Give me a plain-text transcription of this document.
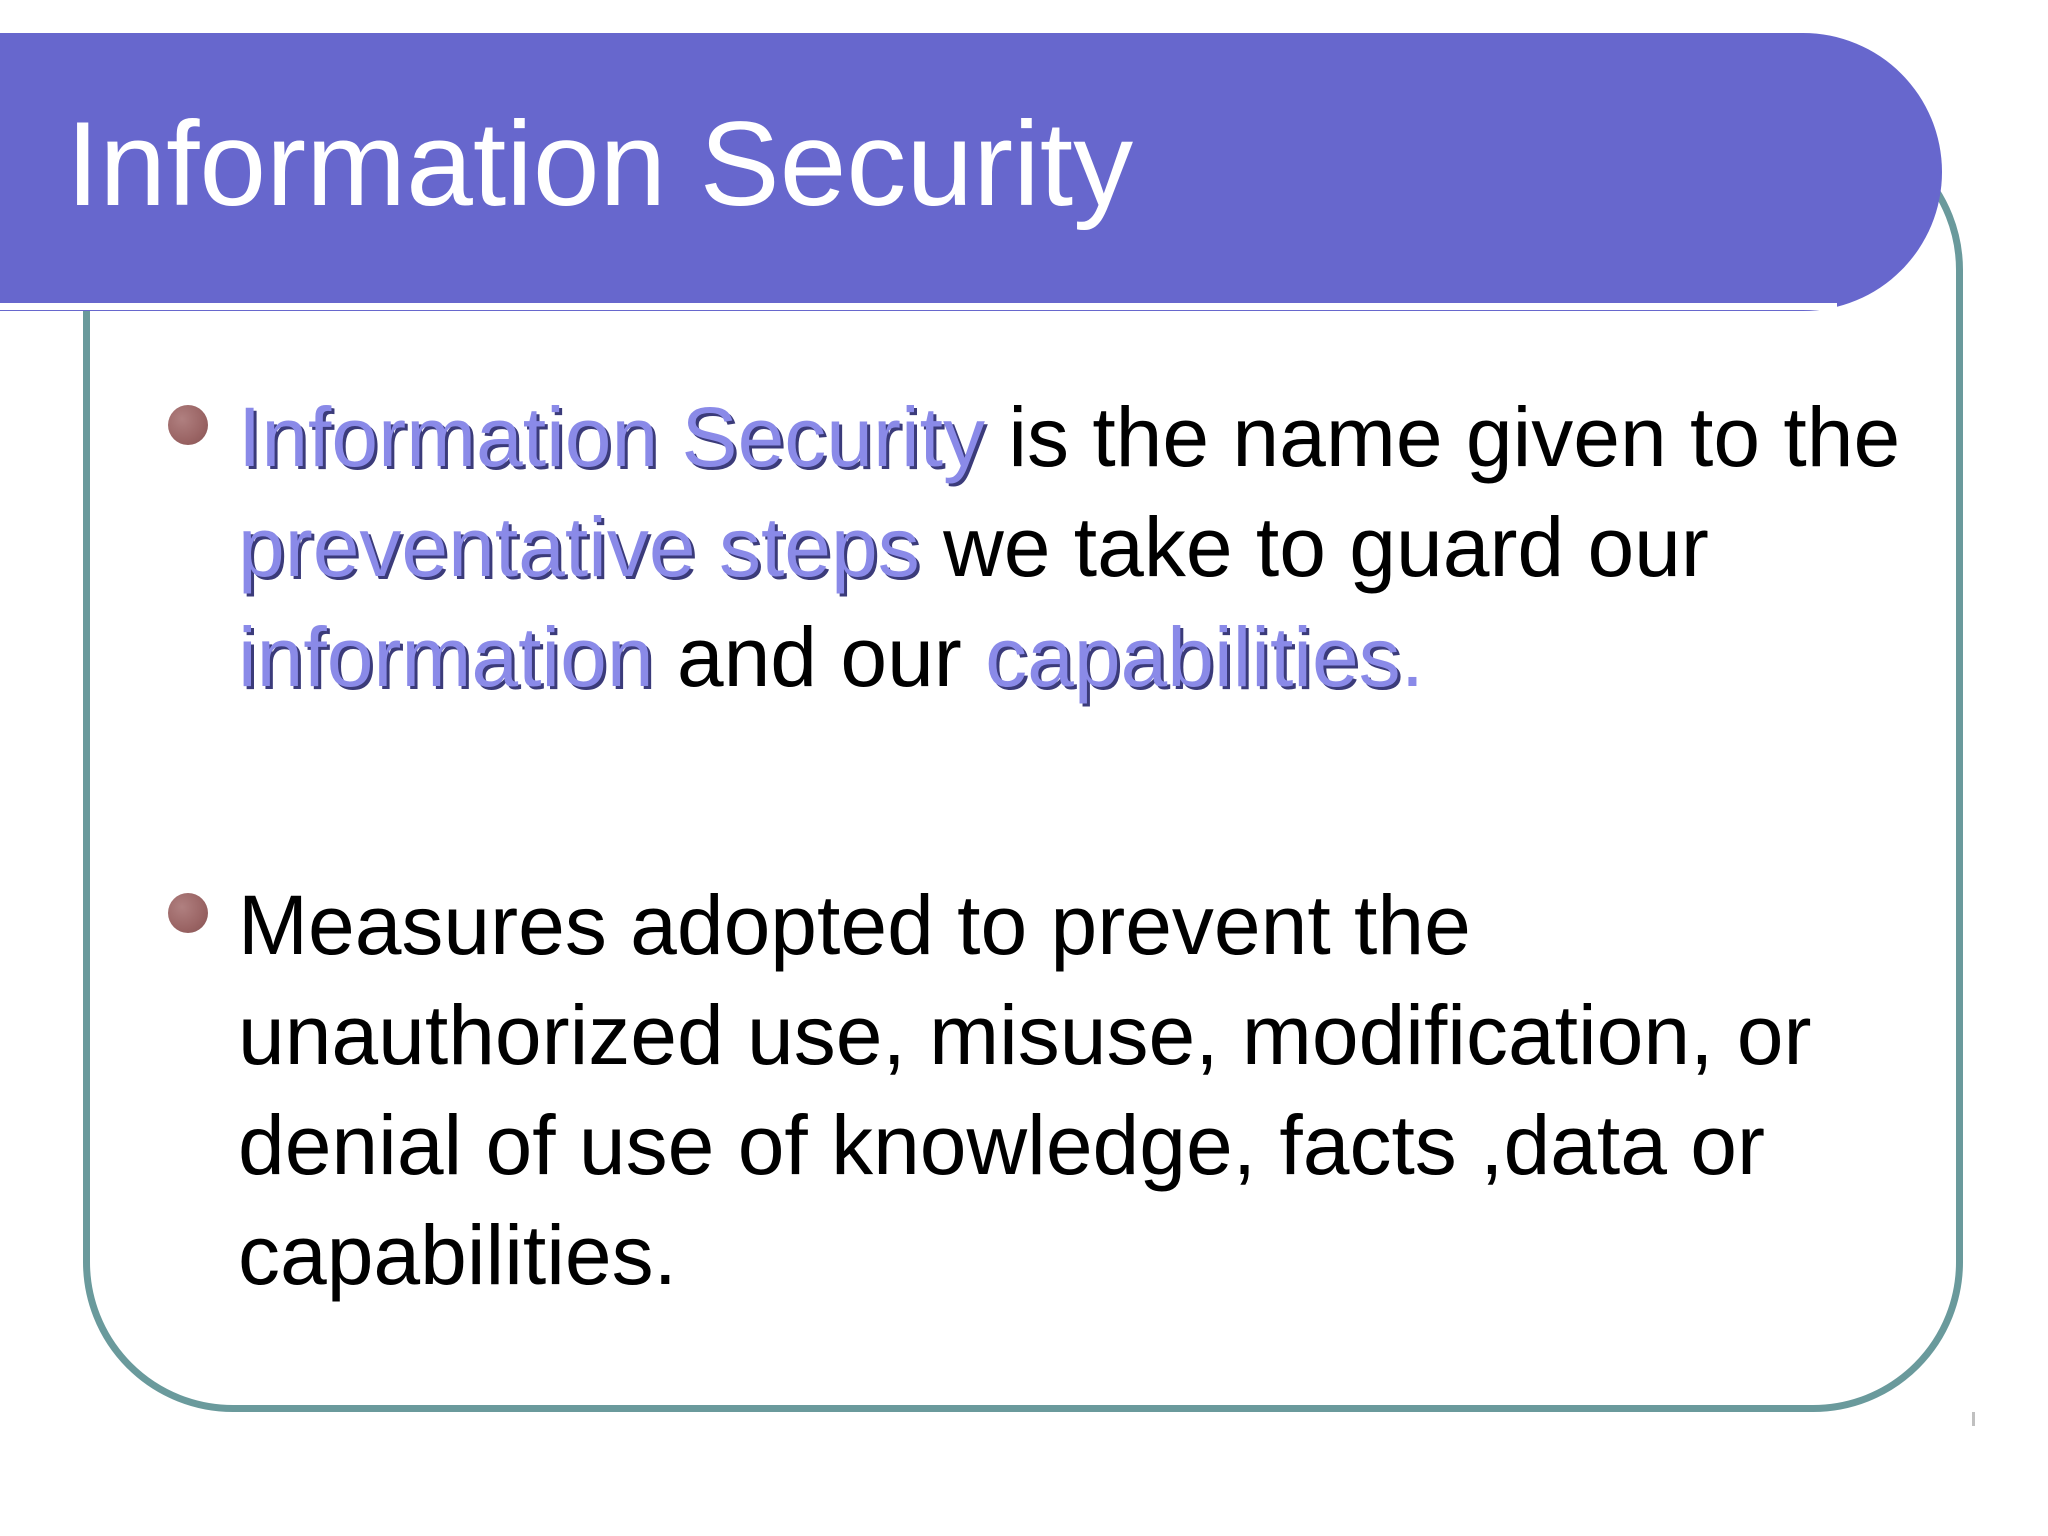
Information Security

Information Security is the name given to the preventative steps we take to guard our information and our capabilities.

Measures adopted to prevent the unauthorized use, misuse, modification, or denial of use of knowledge, facts ,data or capabilities.
